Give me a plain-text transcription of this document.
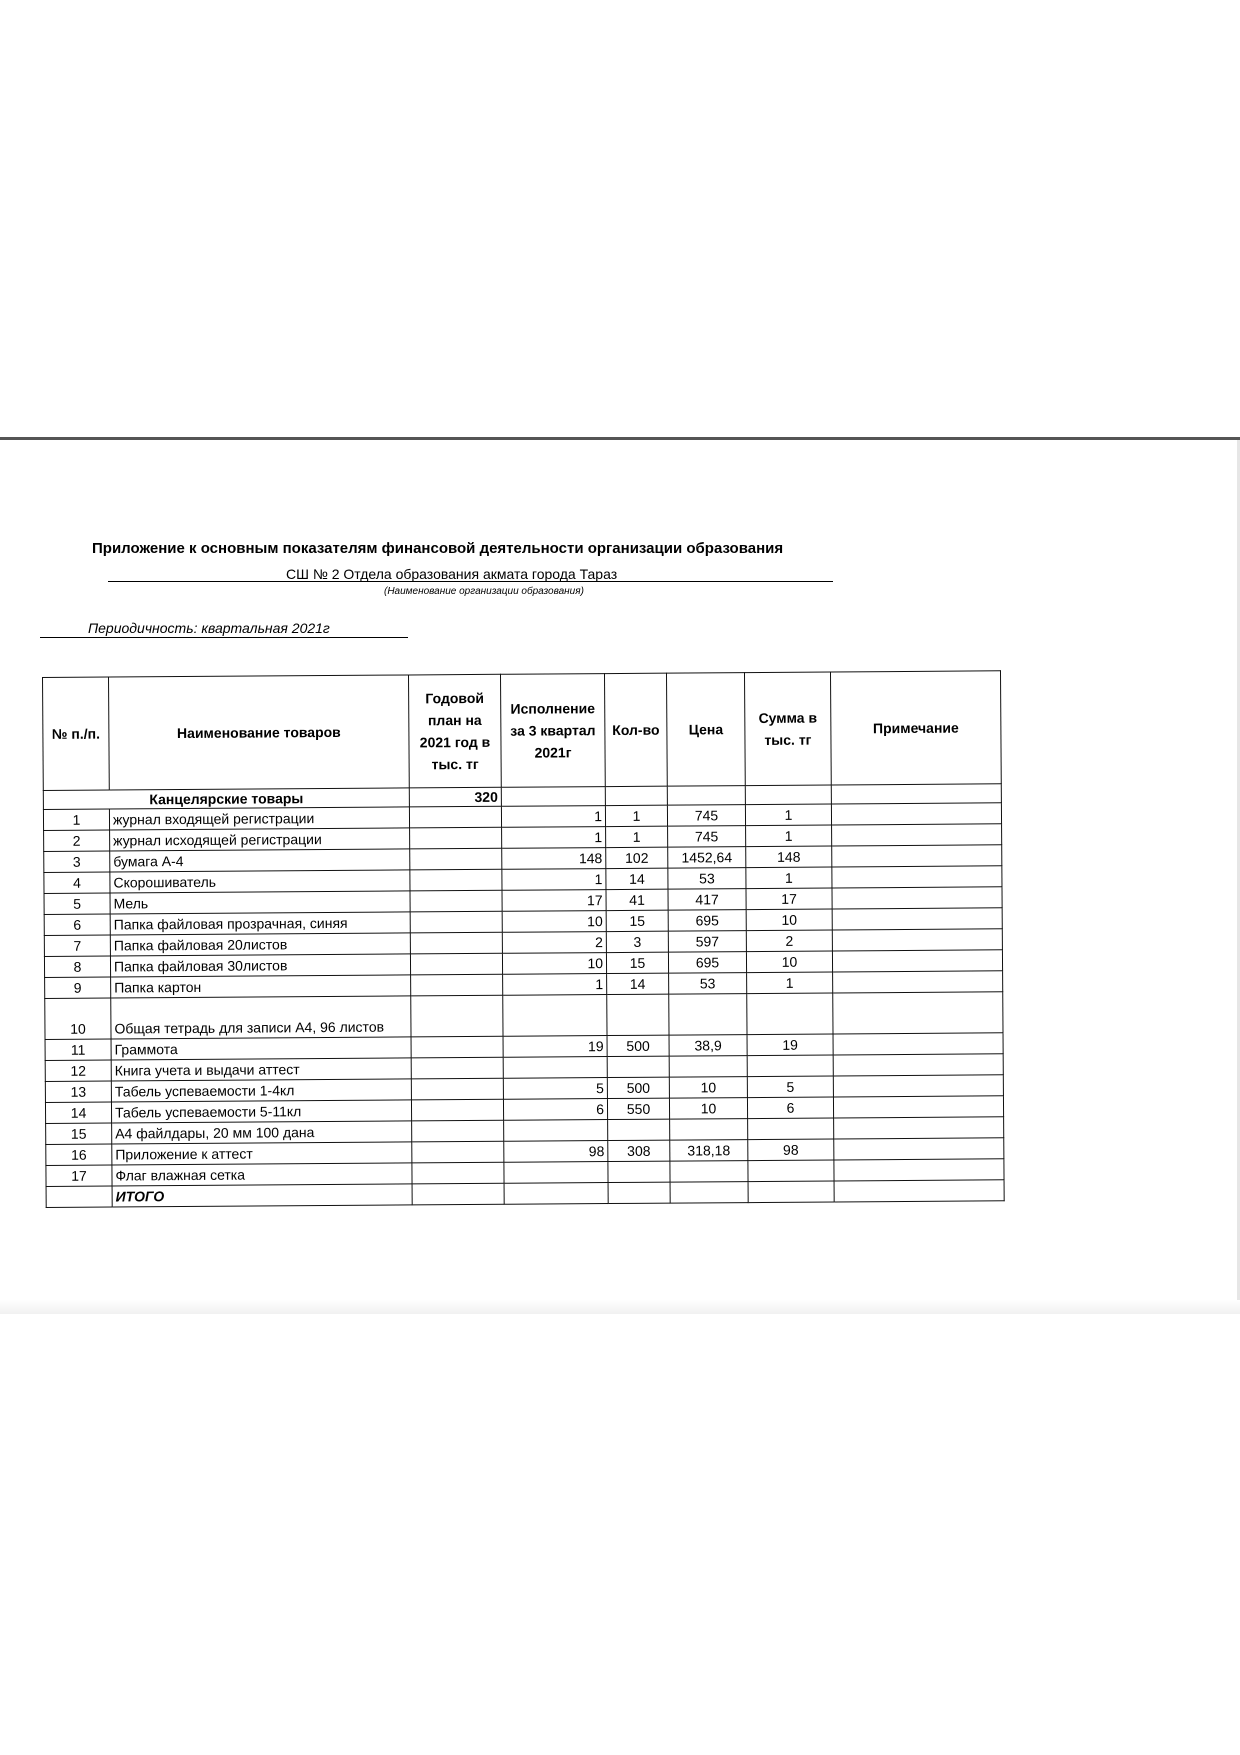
Приложение к основным показателям финансовой деятельности организации образования
СШ № 2 Отдела образования акмата города Тараз
(Наименование организации образования)
Периодичность: квартальная 2021г
№ п./п.	Наименование товаров	Годовой план на 2021 год в тыс. тг	Исполнение за 3 квартал 2021г	Кол-во	Цена	Сумма в тыс. тг	Примечание
Канцелярские товары		320					
1	журнал входящей регистрации		1	1	745	1	
2	журнал исходящей регистрации		1	1	745	1	
3	бумага А-4		148	102	1452,64	148	
4	Скорошиватель		1	14	53	1	
5	Мель		17	41	417	17	
6	Папка файловая прозрачная, синяя		10	15	695	10	
7	Папка файловая 20листов		2	3	597	2	
8	Папка файловая 30листов		10	15	695	10	
9	Папка картон		1	14	53	1	
10	Общая тетрадь для записи А4, 96 листов						
11	Граммота		19	500	38,9	19	
12	Книга учета и выдачи аттест						
13	Табель успеваемости 1-4кл		5	500	10	5	
14	Табель успеваемости 5-11кл		6	550	10	6	
15	А4 файлдары, 20 мм 100 дана						
16	Приложение к аттест		98	308	318,18	98	
17	Флаг влажная сетка						
	ИТОГО						
